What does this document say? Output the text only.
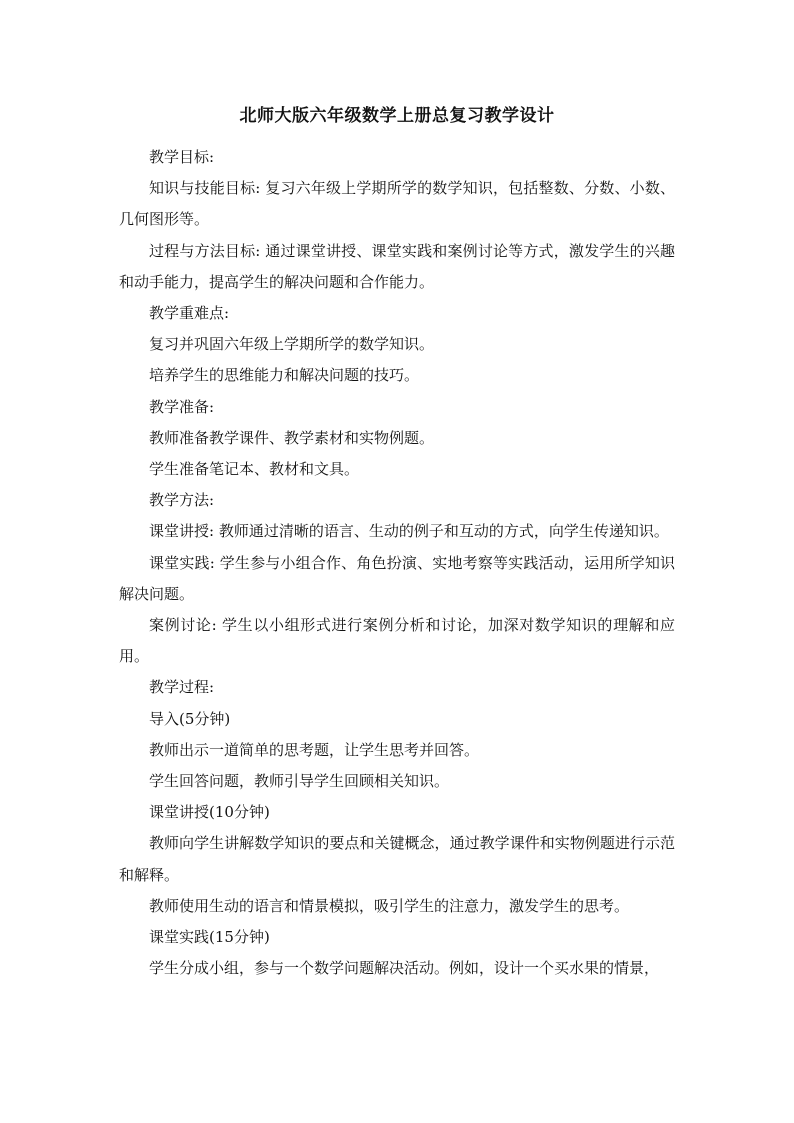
北师大版六年级数学上册总复习教学设计

教学目标:

知识与技能目标: 复习六年级上学期所学的数学知识，包括整数、分数、小数、几何图形等。

过程与方法目标: 通过课堂讲授、课堂实践和案例讨论等方式，激发学生的兴趣和动手能力，提高学生的解决问题和合作能力。

教学重难点:

复习并巩固六年级上学期所学的数学知识。

培养学生的思维能力和解决问题的技巧。

教学准备:

教师准备教学课件、教学素材和实物例题。

学生准备笔记本、教材和文具。

教学方法:

课堂讲授: 教师通过清晰的语言、生动的例子和互动的方式，向学生传递知识。

课堂实践: 学生参与小组合作、角色扮演、实地考察等实践活动，运用所学知识解决问题。

案例讨论: 学生以小组形式进行案例分析和讨论，加深对数学知识的理解和应用。

教学过程:

导入(5分钟)

教师出示一道简单的思考题，让学生思考并回答。

学生回答问题，教师引导学生回顾相关知识。

课堂讲授(10分钟)

教师向学生讲解数学知识的要点和关键概念，通过教学课件和实物例题进行示范和解释。

教师使用生动的语言和情景模拟，吸引学生的注意力，激发学生的思考。

课堂实践(15分钟)

学生分成小组，参与一个数学问题解决活动。例如，设计一个买水果的情景，
